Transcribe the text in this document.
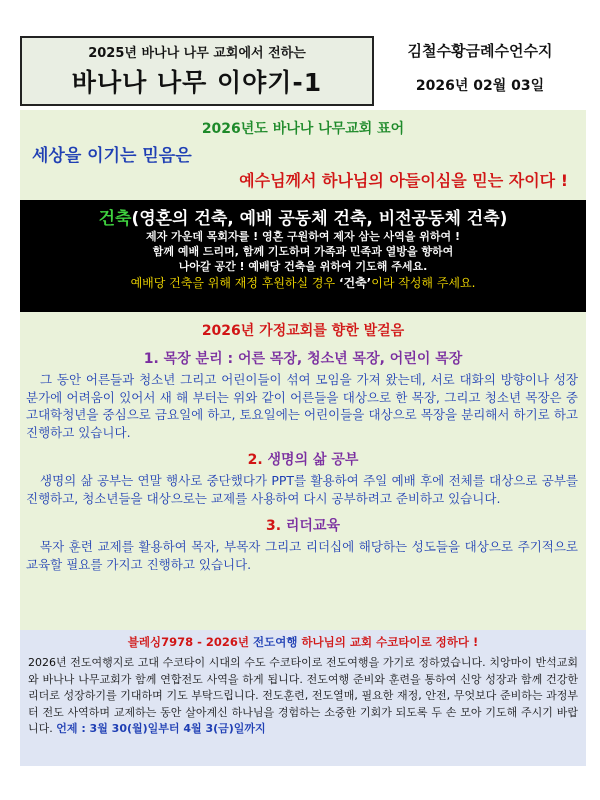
2025년 바나나 나무 교회에서 전하는
바나나 나무 이야기-1
김철수황금례수언수지
2026년 02월 03일
2026년도 바나나 나무교회 표어
세상을 이기는 믿음은
예수님께서 하나님의 아들이심을 믿는 자이다 !
건축(영혼의 건축, 예배 공동체 건축, 비전공동체 건축)
제자 가운데 목회자를 ! 영혼 구원하여 제자 삼는 사역을 위하여 !
함께 예배 드리며, 함께 기도하며 가족과 민족과 열방을 향하여
나아갈 공간 ! 예배당 건축을 위하여 기도해 주세요.
예배당 건축을 위해 재정 후원하실 경우 ‘건축’이라 작성해 주세요.
2026년 가정교회를 향한 발걸음
1. 목장 분리 : 어른 목장, 청소년 목장, 어린이 목장
그 동안 어른들과 청소년 그리고 어린이들이 섞여 모임을 가져 왔는데, 서로 대화의 방향이나 성장 분가에 어려움이 있어서 새 해 부터는 위와 같이 어른들을 대상으로 한 목장, 그리고 청소년 목장은 중고대학청년을 중심으로 금요일에 하고, 토요일에는 어린이들을 대상으로 목장을 분리해서 하기로 하고 진행하고 있습니다.
2. 생명의 삶 공부
생명의 삶 공부는 연말 행사로 중단했다가 PPT를 활용하여 주일 예배 후에 전체를 대상으로 공부를 진행하고, 청소년들을 대상으로는 교제를 사용하여 다시 공부하려고 준비하고 있습니다.
3. 리더교육
목자 훈련 교제를 활용하여 목자, 부목자 그리고 리더십에 해당하는 성도들을 대상으로 주기적으로 교육할 필요를 가지고 진행하고 있습니다.
블레싱7978 - 2026년 전도여행 하나님의 교회 수코타이로 정하다 !
2026년 전도여행지로 고대 수코타이 시대의 수도 수코타이로 전도여행을 가기로 정하였습니다. 치앙마이 반석교회와 바나나 나무교회가 함께 연합전도 사역을 하게 됩니다. 전도여행 준비와 훈련을 통하여 신앙 성장과 함께 건강한 리더로 성장하기를 기대하며 기도 부탁드립니다. 전도훈련, 전도열매, 필요한 재정, 안전, 무엇보다 준비하는 과정부터 전도 사역하며 교제하는 동안 살아계신 하나님을 경험하는 소중한 기회가 되도록 두 손 모아 기도해 주시기 바랍니다. 언제 : 3월 30(월)일부터 4월 3(금)일까지
